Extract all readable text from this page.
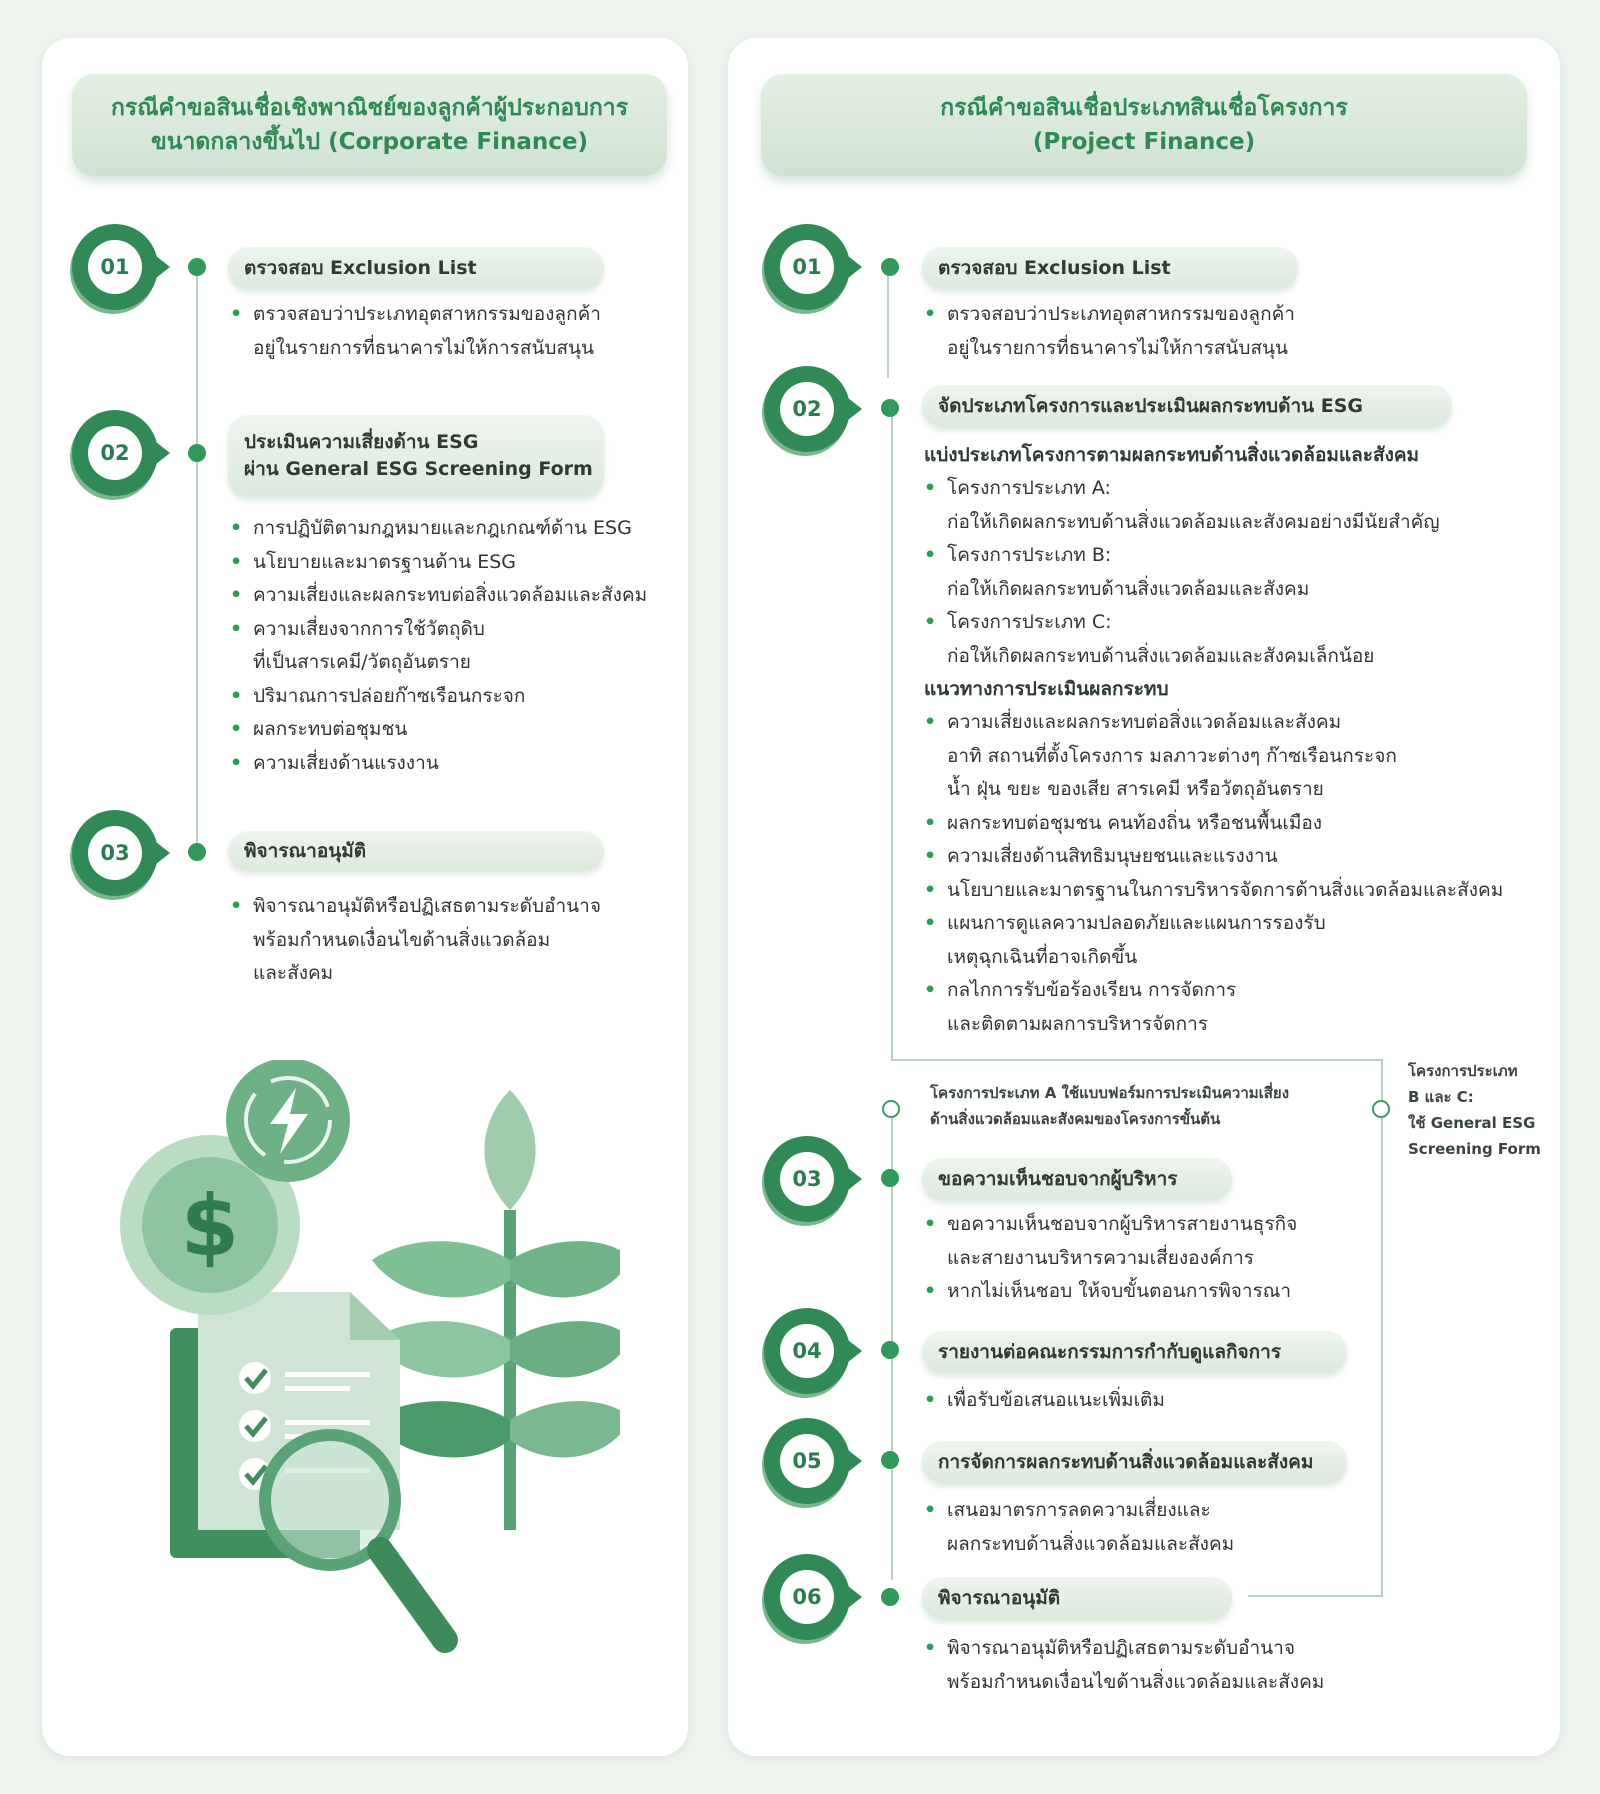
กรณีคำขอสินเชื่อเชิงพาณิชย์ของลูกค้าผู้ประกอบการ
ขนาดกลางขึ้นไป (Corporate Finance)
01	ตรวจสอบ Exclusion List
• ตรวจสอบว่าประเภทอุตสาหกรรมของลูกค้า
อยู่ในรายการที่ธนาคารไม่ให้การสนับสนุน
02	ประเมินความเสี่ยงด้าน ESG
ผ่าน General ESG Screening Form
• การปฏิบัติตามกฎหมายและกฎเกณฑ์ด้าน ESG
• นโยบายและมาตรฐานด้าน ESG
• ความเสี่ยงและผลกระทบต่อสิ่งแวดล้อมและสังคม
• ความเสี่ยงจากการใช้วัตถุดิบ
ที่เป็นสารเคมี/วัตถุอันตราย
• ปริมาณการปล่อยก๊าซเรือนกระจก
• ผลกระทบต่อชุมชน
• ความเสี่ยงด้านแรงงาน
03	พิจารณาอนุมัติ
• พิจารณาอนุมัติหรือปฏิเสธตามระดับอำนาจ
พร้อมกำหนดเงื่อนไขด้านสิ่งแวดล้อม
และสังคม
$
กรณีคำขอสินเชื่อประเภทสินเชื่อโครงการ
(Project Finance)
01	ตรวจสอบ Exclusion List
• ตรวจสอบว่าประเภทอุตสาหกรรมของลูกค้า
อยู่ในรายการที่ธนาคารไม่ให้การสนับสนุน
02	จัดประเภทโครงการและประเมินผลกระทบด้าน ESG
แบ่งประเภทโครงการตามผลกระทบด้านสิ่งแวดล้อมและสังคม
• โครงการประเภท A:
ก่อให้เกิดผลกระทบด้านสิ่งแวดล้อมและสังคมอย่างมีนัยสำคัญ
• โครงการประเภท B:
ก่อให้เกิดผลกระทบด้านสิ่งแวดล้อมและสังคม
• โครงการประเภท C:
ก่อให้เกิดผลกระทบด้านสิ่งแวดล้อมและสังคมเล็กน้อย
แนวทางการประเมินผลกระทบ
• ความเสี่ยงและผลกระทบต่อสิ่งแวดล้อมและสังคม
อาทิ สถานที่ตั้งโครงการ มลภาวะต่างๆ ก๊าซเรือนกระจก
น้ำ ฝุ่น ขยะ ของเสีย สารเคมี หรือวัตถุอันตราย
• ผลกระทบต่อชุมชน คนท้องถิ่น หรือชนพื้นเมือง
• ความเสี่ยงด้านสิทธิมนุษยชนและแรงงาน
• นโยบายและมาตรฐานในการบริหารจัดการด้านสิ่งแวดล้อมและสังคม
• แผนการดูแลความปลอดภัยและแผนการรองรับ
เหตุฉุกเฉินที่อาจเกิดขึ้น
• กลไกการรับข้อร้องเรียน การจัดการ
และติดตามผลการบริหารจัดการ
โครงการประเภท A ใช้แบบฟอร์มการประเมินความเสี่ยง
ด้านสิ่งแวดล้อมและสังคมของโครงการขั้นต้น
โครงการประเภท
B และ C:
ใช้ General ESG
Screening Form
03	ขอความเห็นชอบจากผู้บริหาร
• ขอความเห็นชอบจากผู้บริหารสายงานธุรกิจ
และสายงานบริหารความเสี่ยงองค์การ
• หากไม่เห็นชอบ ให้จบขั้นตอนการพิจารณา
04	รายงานต่อคณะกรรมการกำกับดูแลกิจการ
• เพื่อรับข้อเสนอแนะเพิ่มเติม
05	การจัดการผลกระทบด้านสิ่งแวดล้อมและสังคม
• เสนอมาตรการลดความเสี่ยงและ
ผลกระทบด้านสิ่งแวดล้อมและสังคม
06	พิจารณาอนุมัติ
• พิจารณาอนุมัติหรือปฏิเสธตามระดับอำนาจ
พร้อมกำหนดเงื่อนไขด้านสิ่งแวดล้อมและสังคม
